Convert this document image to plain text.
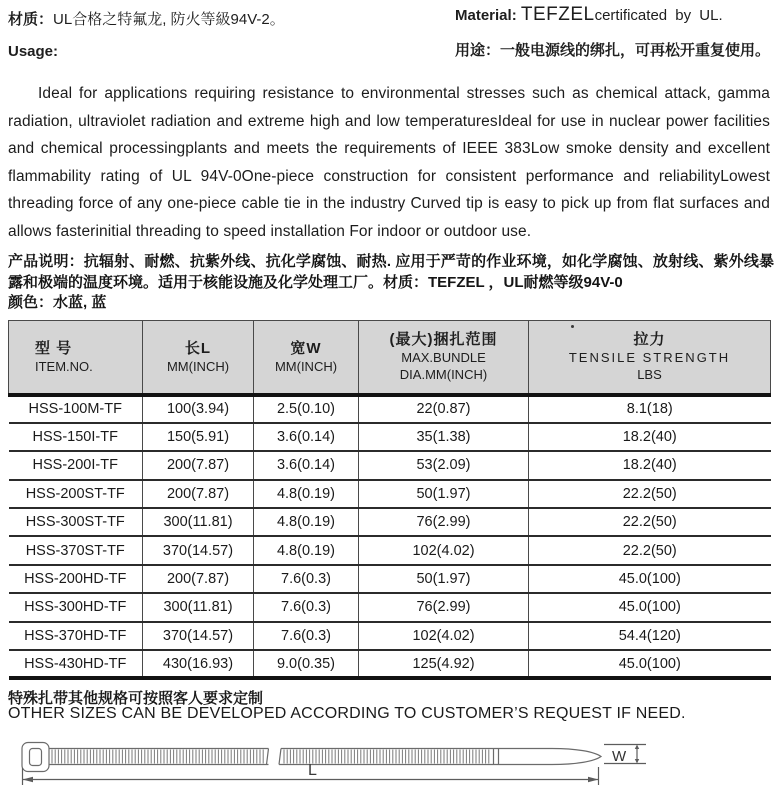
材质：UL合格之特氟龙, 防火等級94V-2。
Usage:
Material: TEFZELcertificated by UL.
用途：一般电源线的绑扎，可再松开重复使用。

Ideal for applications requiring resistance to environmental stresses such as chemical attack, gamma radiation, ultraviolet radiation and extreme high and low temperaturesIdeal for use in nuclear power facilities and chemical processingplants and meets the requirements of IEEE 383Low smoke density and excellent flammability rating of UL 94V-0One-piece construction for consistent performance and reliabilityLowest threading force of any one-piece cable tie in the industry Curved tip is easy to pick up from flat surfaces and allows fasterinitial threading to speed installation For indoor or outdoor use.

产品说明：抗辐射、耐燃、抗紫外线、抗化学腐蚀、耐热. 应用于严苛的作业环境，如化学腐蚀、放射线、紫外线暴露和极端的温度环境。适用于核能设施及化学处理工厂。材质：TEFZEL ，UL耐燃等级94V-0
颜色：水蓝, 蓝
型 号
ITEM.NO.

长L
MM(INCH)

宽W
MM(INCH)

(最大)捆扎范围
MAX.BUNDLE
DIA.MM(INCH)

拉力
TENSILE STRENGTH
LBS

HSS-100M-TF	100(3.94)	2.5(0.10)	22(0.87)	8.1(18)
HSS-150I-TF	150(5.91)	3.6(0.14)	35(1.38)	18.2(40)
HSS-200I-TF	200(7.87)	3.6(0.14)	53(2.09)	18.2(40)
HSS-200ST-TF	200(7.87)	4.8(0.19)	50(1.97)	22.2(50)
HSS-300ST-TF	300(11.81)	4.8(0.19)	76(2.99)	22.2(50)
HSS-370ST-TF	370(14.57)	4.8(0.19)	102(4.02)	22.2(50)
HSS-200HD-TF	200(7.87)	7.6(0.3)	50(1.97)	45.0(100)
HSS-300HD-TF	300(11.81)	7.6(0.3)	76(2.99)	45.0(100)
HSS-370HD-TF	370(14.57)	7.6(0.3)	102(4.02)	54.4(120)
HSS-430HD-TF	430(16.93)	9.0(0.35)	125(4.92)	45.0(100)
特殊扎带其他规格可按照客人要求定制
OTHER SIZES CAN BE DEVELOPED ACCORDING TO CUSTOMER’S REQUEST IF NEED.
W
L
